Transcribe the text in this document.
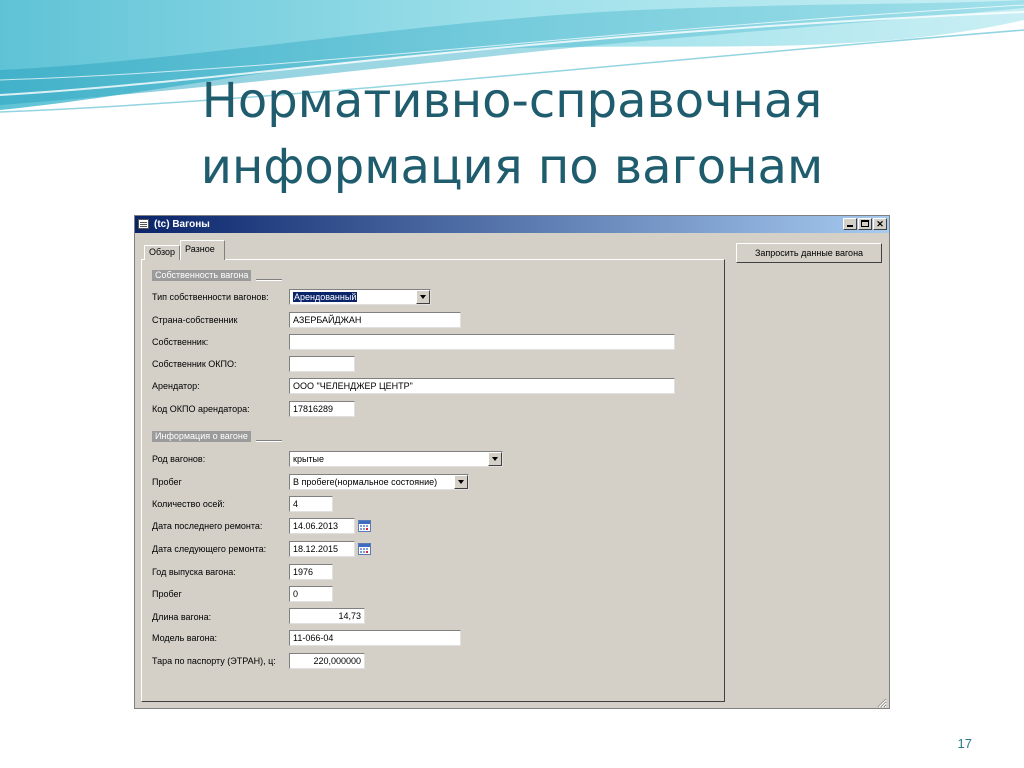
Нормативно-справочная
информация по вагонам
(tc) Вагоны	✕
Обзор	Разное	Запросить данные вагона
Собственность вагона
Тип собственности вагонов:	Арендованный
Страна-собственник	АЗЕРБАЙДЖАН
Собственник:
Собственник ОКПО:
Арендатор:	ООО "ЧЕЛЕНДЖЕР ЦЕНТР"
Код ОКПО арендатора:	17816289
Информация о вагоне
Род вагонов:	крытые
Пробег	В пробеге(нормальное состояние)
Количество осей:	4
Дата последнего ремонта:	14.06.2013
Дата следующего ремонта:	18.12.2015
Год выпуска вагона:	1976
Пробег	0
Длина вагона:	14,73
Модель вагона:	11-066-04
Тара по паспорту (ЭТРАН), ц:	220,000000
17
